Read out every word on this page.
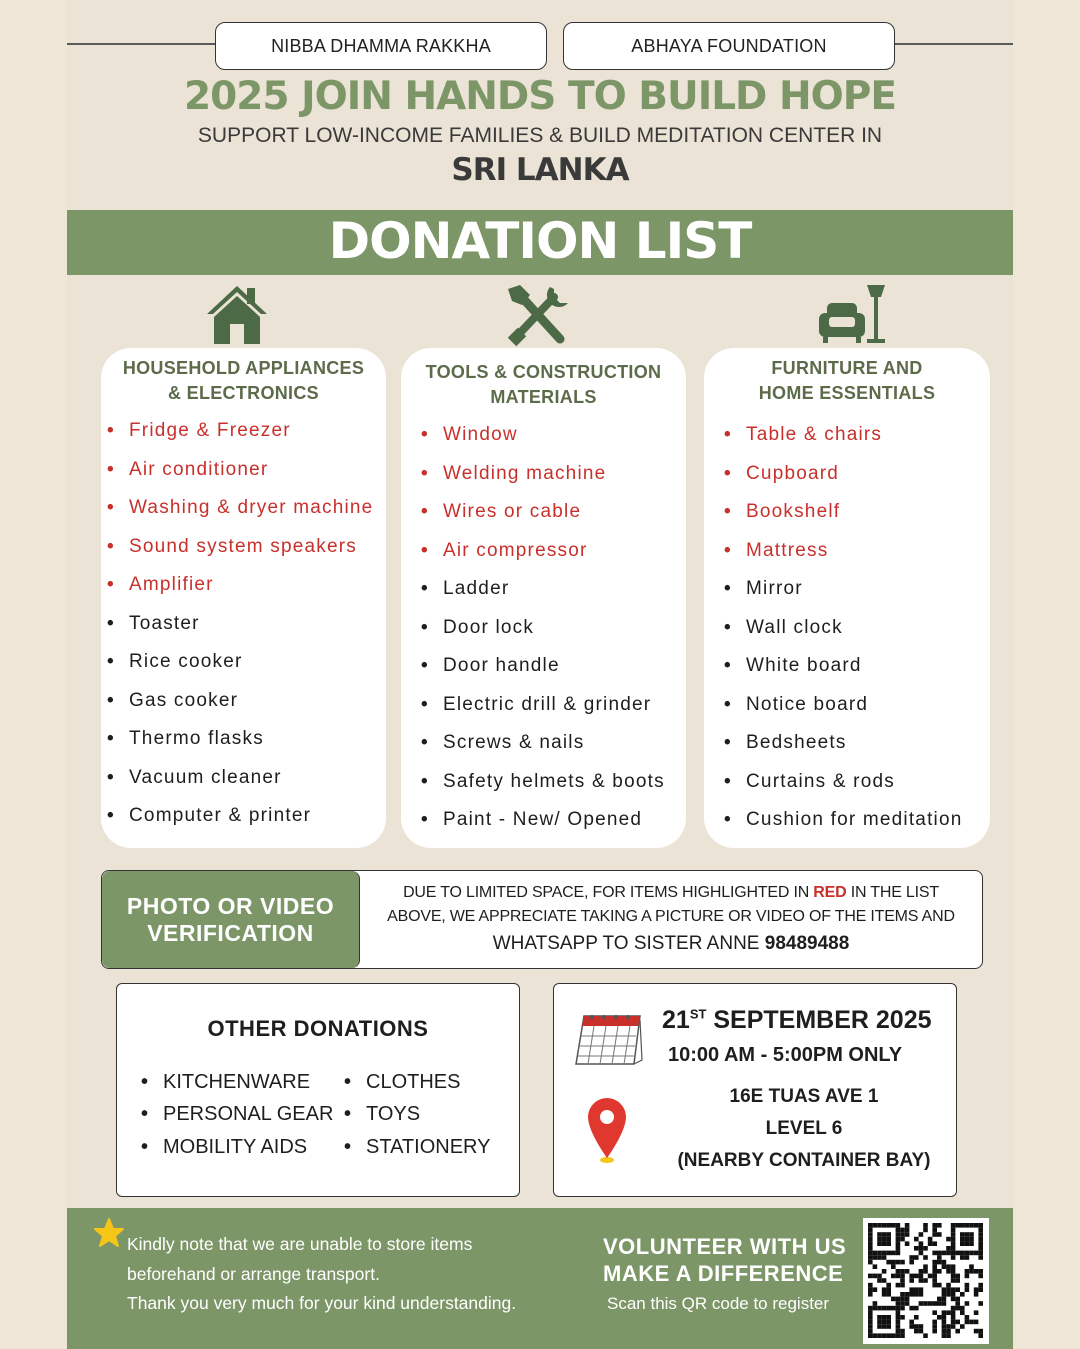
NIBBA DHAMMA RAKKHA	ABHAYA FOUNDATION
2025 JOIN HANDS TO BUILD HOPE
SUPPORT LOW-INCOME FAMILIES & BUILD MEDITATION CENTER IN
SRI LANKA
DONATION LIST
HOUSEHOLD APPLIANCES
& ELECTRONICS
• Fridge & Freezer
• Air conditioner
• Washing & dryer machine
• Sound system speakers
• Amplifier
• Toaster
• Rice cooker
• Gas cooker
• Thermo flasks
• Vacuum cleaner
• Computer & printer
TOOLS & CONSTRUCTION
MATERIALS
• Window
• Welding machine
• Wires or cable
• Air compressor
• Ladder
• Door lock
• Door handle
• Electric drill & grinder
• Screws & nails
• Safety helmets & boots
• Paint - New/ Opened
FURNITURE AND
HOME ESSENTIALS
• Table & chairs
• Cupboard
• Bookshelf
• Mattress
• Mirror
• Wall clock
• White board
• Notice board
• Bedsheets
• Curtains & rods
• Cushion for meditation
PHOTO OR VIDEO
VERIFICATION
DUE TO LIMITED SPACE, FOR ITEMS HIGHLIGHTED IN RED IN THE LIST
ABOVE, WE APPRECIATE TAKING A PICTURE OR VIDEO OF THE ITEMS AND
WHATSAPP TO SISTER ANNE 98489488
OTHER DONATIONS
• KITCHENWARE
• PERSONAL GEAR
• MOBILITY AIDS
• CLOTHES
• TOYS
• STATIONERY
21ST SEPTEMBER 2025
10:00 AM - 5:00PM ONLY
16E TUAS AVE 1
LEVEL 6
(NEARBY CONTAINER BAY)
Kindly note that we are unable to store items
beforehand or arrange transport.
Thank you very much for your kind understanding.
VOLUNTEER WITH US
MAKE A DIFFERENCE
Scan this QR code to register
